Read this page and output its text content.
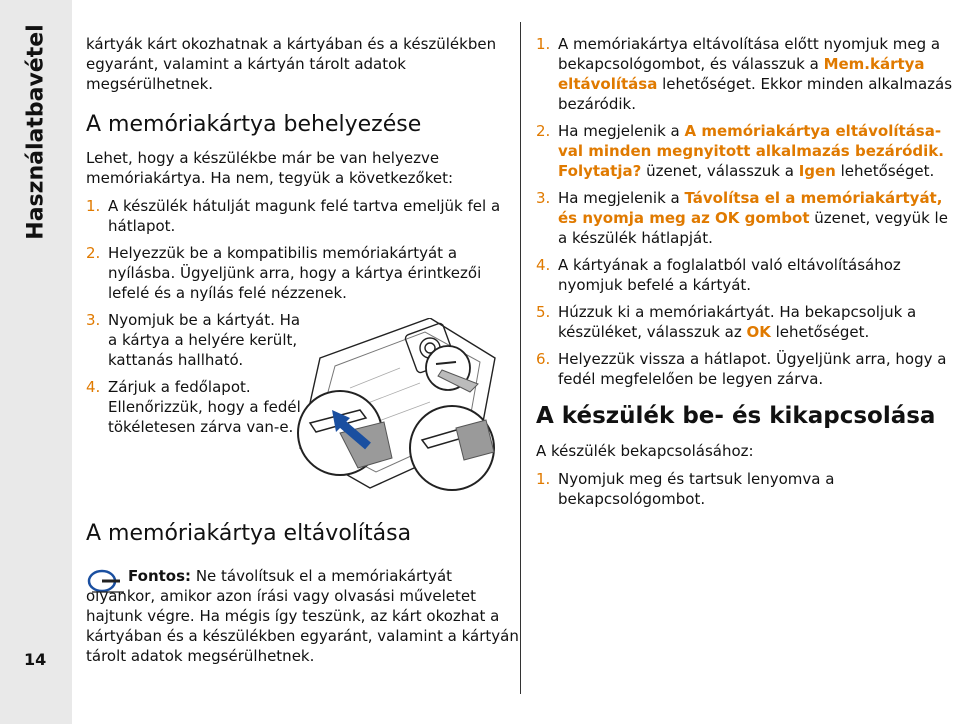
Használatbavétel
14

kártyák kárt okozhatnak a kártyában és a készülékben egyaránt, valamint a kártyán tárolt adatok megsérülhetnek.

A memóriakártya behelyezése

Lehet, hogy a készülékbe már be van helyezve memóriakártya. Ha nem, tegyük a következőket:

1. A készülék hátulját magunk felé tartva emeljük fel a hátlapot.
2. Helyezzük be a kompatibilis memóriakártyát a nyílásba. Ügyeljünk arra, hogy a kártya érintkezői lefelé és a nyílás felé nézzenek.
3. Nyomjuk be a kártyát. Ha a kártya a helyére került, kattanás hallható.
4. Zárjuk a fedőlapot. Ellenőrizzük, hogy a fedél tökéletesen zárva van-e.
A memóriakártya eltávolítása

Fontos: Ne távolítsuk el a memóriakártyát

olyankor, amikor azon írási vagy olvasási műveletet hajtunk végre. Ha mégis így teszünk, az kárt okozhat a kártyában és a készülékben egyaránt, valamint a kártyán tárolt adatok megsérülhetnek.

1. A memóriakártya eltávolítása előtt nyomjuk meg a bekapcsológombot, és válasszuk a Mem.kártya eltávolítása lehetőséget. Ekkor minden alkalmazás bezáródik.
2. Ha megjelenik a A memóriakártya eltávolításaval minden megnyitott alkalmazás bezáródik. Folytatja? üzenet, válasszuk a Igen lehetőséget.
3. Ha megjelenik a Távolítsa el a memóriakártyát, és nyomja meg az OK gombot üzenet, vegyük le a készülék hátlapját.
4. A kártyának a foglalatból való eltávolításához nyomjuk befelé a kártyát.
5. Húzzuk ki a memóriakártyát. Ha bekapcsoljuk a készüléket, válasszuk az OK lehetőséget.
6. Helyezzük vissza a hátlapot. Ügyeljünk arra, hogy a fedél megfelelően be legyen zárva.
A készülék be- és kikapcsolása

A készülék bekapcsolásához:

1. Nyomjuk meg és tartsuk lenyomva a bekapcsológombot.
